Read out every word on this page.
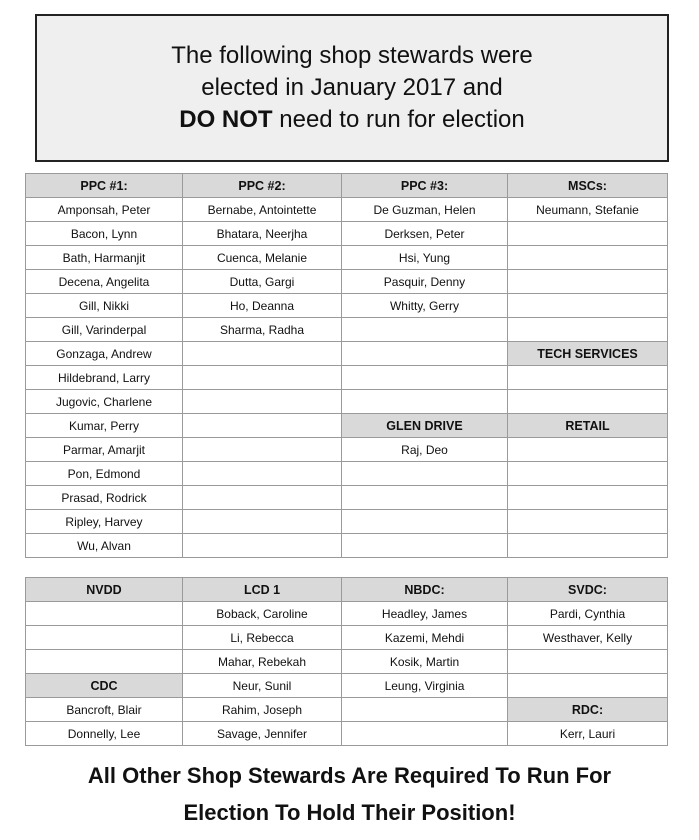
The following shop stewards were
elected in January 2017 and
DO NOT need to run for election
PPC #1:	PPC #2:	PPC #3:	MSCs:
Amponsah, Peter	Bernabe, Antointette	De Guzman, Helen	Neumann, Stefanie
Bacon, Lynn	Bhatara, Neerjha	Derksen, Peter	
Bath, Harmanjit	Cuenca, Melanie	Hsi, Yung	
Decena, Angelita	Dutta, Gargi	Pasquir, Denny	
Gill, Nikki	Ho, Deanna	Whitty, Gerry	
Gill, Varinderpal	Sharma, Radha		
Gonzaga, Andrew			TECH SERVICES
Hildebrand, Larry			
Jugovic, Charlene			
Kumar, Perry		GLEN DRIVE	RETAIL
Parmar, Amarjit		Raj, Deo	
Pon, Edmond			
Prasad, Rodrick			
Ripley, Harvey			
Wu, Alvan			
NVDD	LCD 1	NBDC:	SVDC:
	Boback, Caroline	Headley, James	Pardi, Cynthia
	Li, Rebecca	Kazemi, Mehdi	Westhaver, Kelly
	Mahar, Rebekah	Kosik, Martin	
CDC	Neur, Sunil	Leung, Virginia	
Bancroft, Blair	Rahim, Joseph		RDC:
Donnelly, Lee	Savage, Jennifer		Kerr, Lauri
All Other Shop Stewards Are Required To Run For
Election To Hold Their Position!
